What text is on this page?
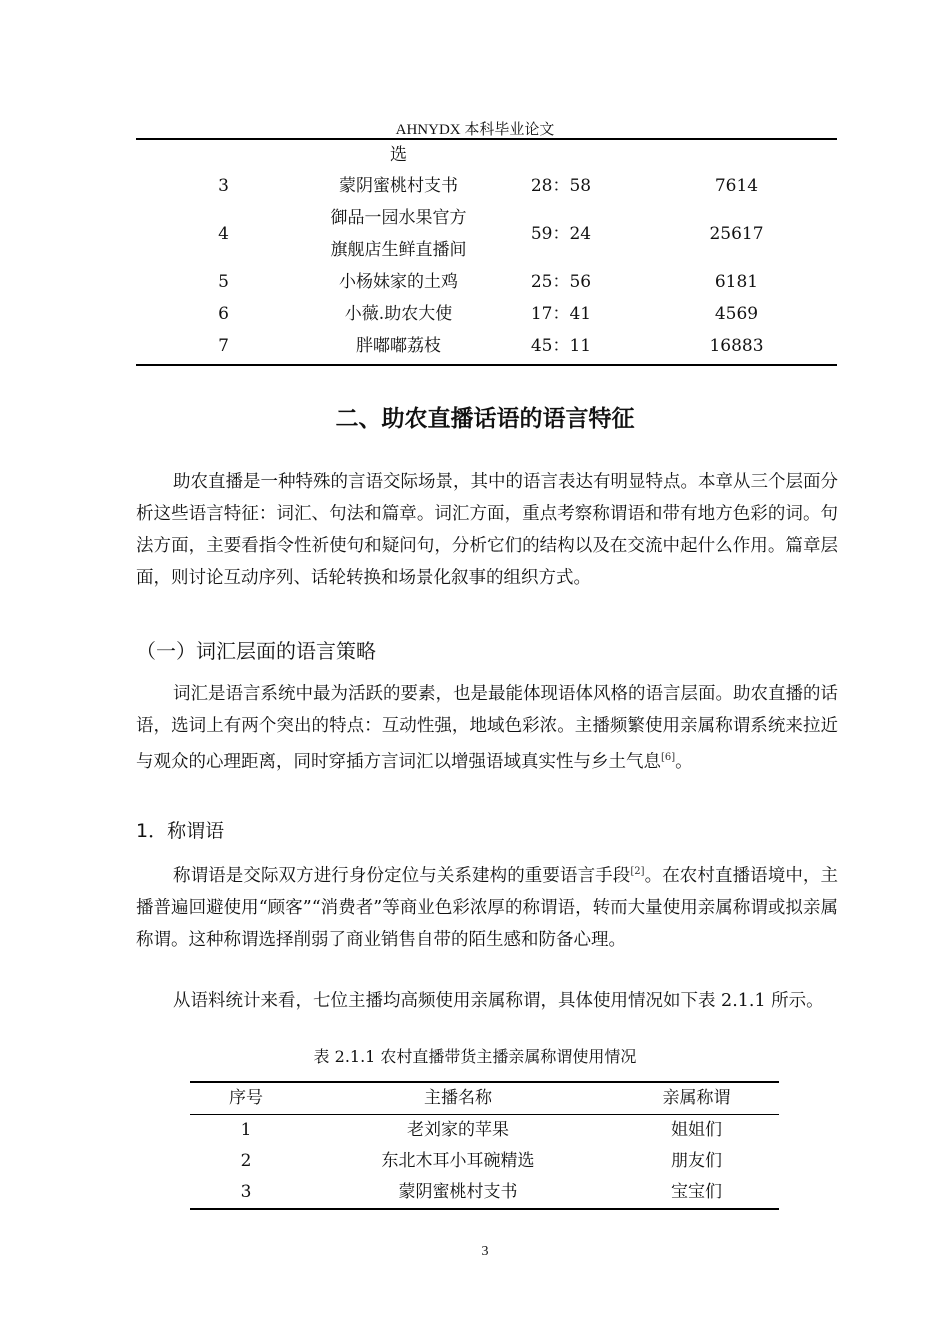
AHNYDX 本科毕业论文
	选		
3	蒙阴蜜桃村支书	28：58	7614
4	御品一园水果官方
旗舰店生鲜直播间	59：24	25617
5	小杨妹家的土鸡	25：56	6181
6	小薇.助农大使	17：41	4569
7	胖嘟嘟荔枝	45：11	16883
二、助农直播话语的语言特征

助农直播是一种特殊的言语交际场景，其中的语言表达有明显特点。本章从三个层面分析这些语言特征：词汇、句法和篇章。词汇方面，重点考察称谓语和带有地方色彩的词。句法方面，主要看指令性祈使句和疑问句，分析它们的结构以及在交流中起什么作用。篇章层面，则讨论互动序列、话轮转换和场景化叙事的组织方式。

（一）词汇层面的语言策略

词汇是语言系统中最为活跃的要素，也是最能体现语体风格的语言层面。助农直播的话语，选词上有两个突出的特点：互动性强，地域色彩浓。主播频繁使用亲属称谓系统来拉近与观众的心理距离，同时穿插方言词汇以增强语域真实性与乡土气息[6]。

1．称谓语

称谓语是交际双方进行身份定位与关系建构的重要语言手段[2]。在农村直播语境中，主播普遍回避使用“顾客”“消费者”等商业色彩浓厚的称谓语，转而大量使用亲属称谓或拟亲属称谓。这种称谓选择削弱了商业销售自带的陌生感和防备心理。

从语料统计来看，七位主播均高频使用亲属称谓，具体使用情况如下表 2.1.1 所示。

表 2.1.1 农村直播带货主播亲属称谓使用情况
序号	主播名称	亲属称谓
1	老刘家的苹果	姐姐们
2	东北木耳小耳碗精选	朋友们
3	蒙阴蜜桃村支书	宝宝们
3
